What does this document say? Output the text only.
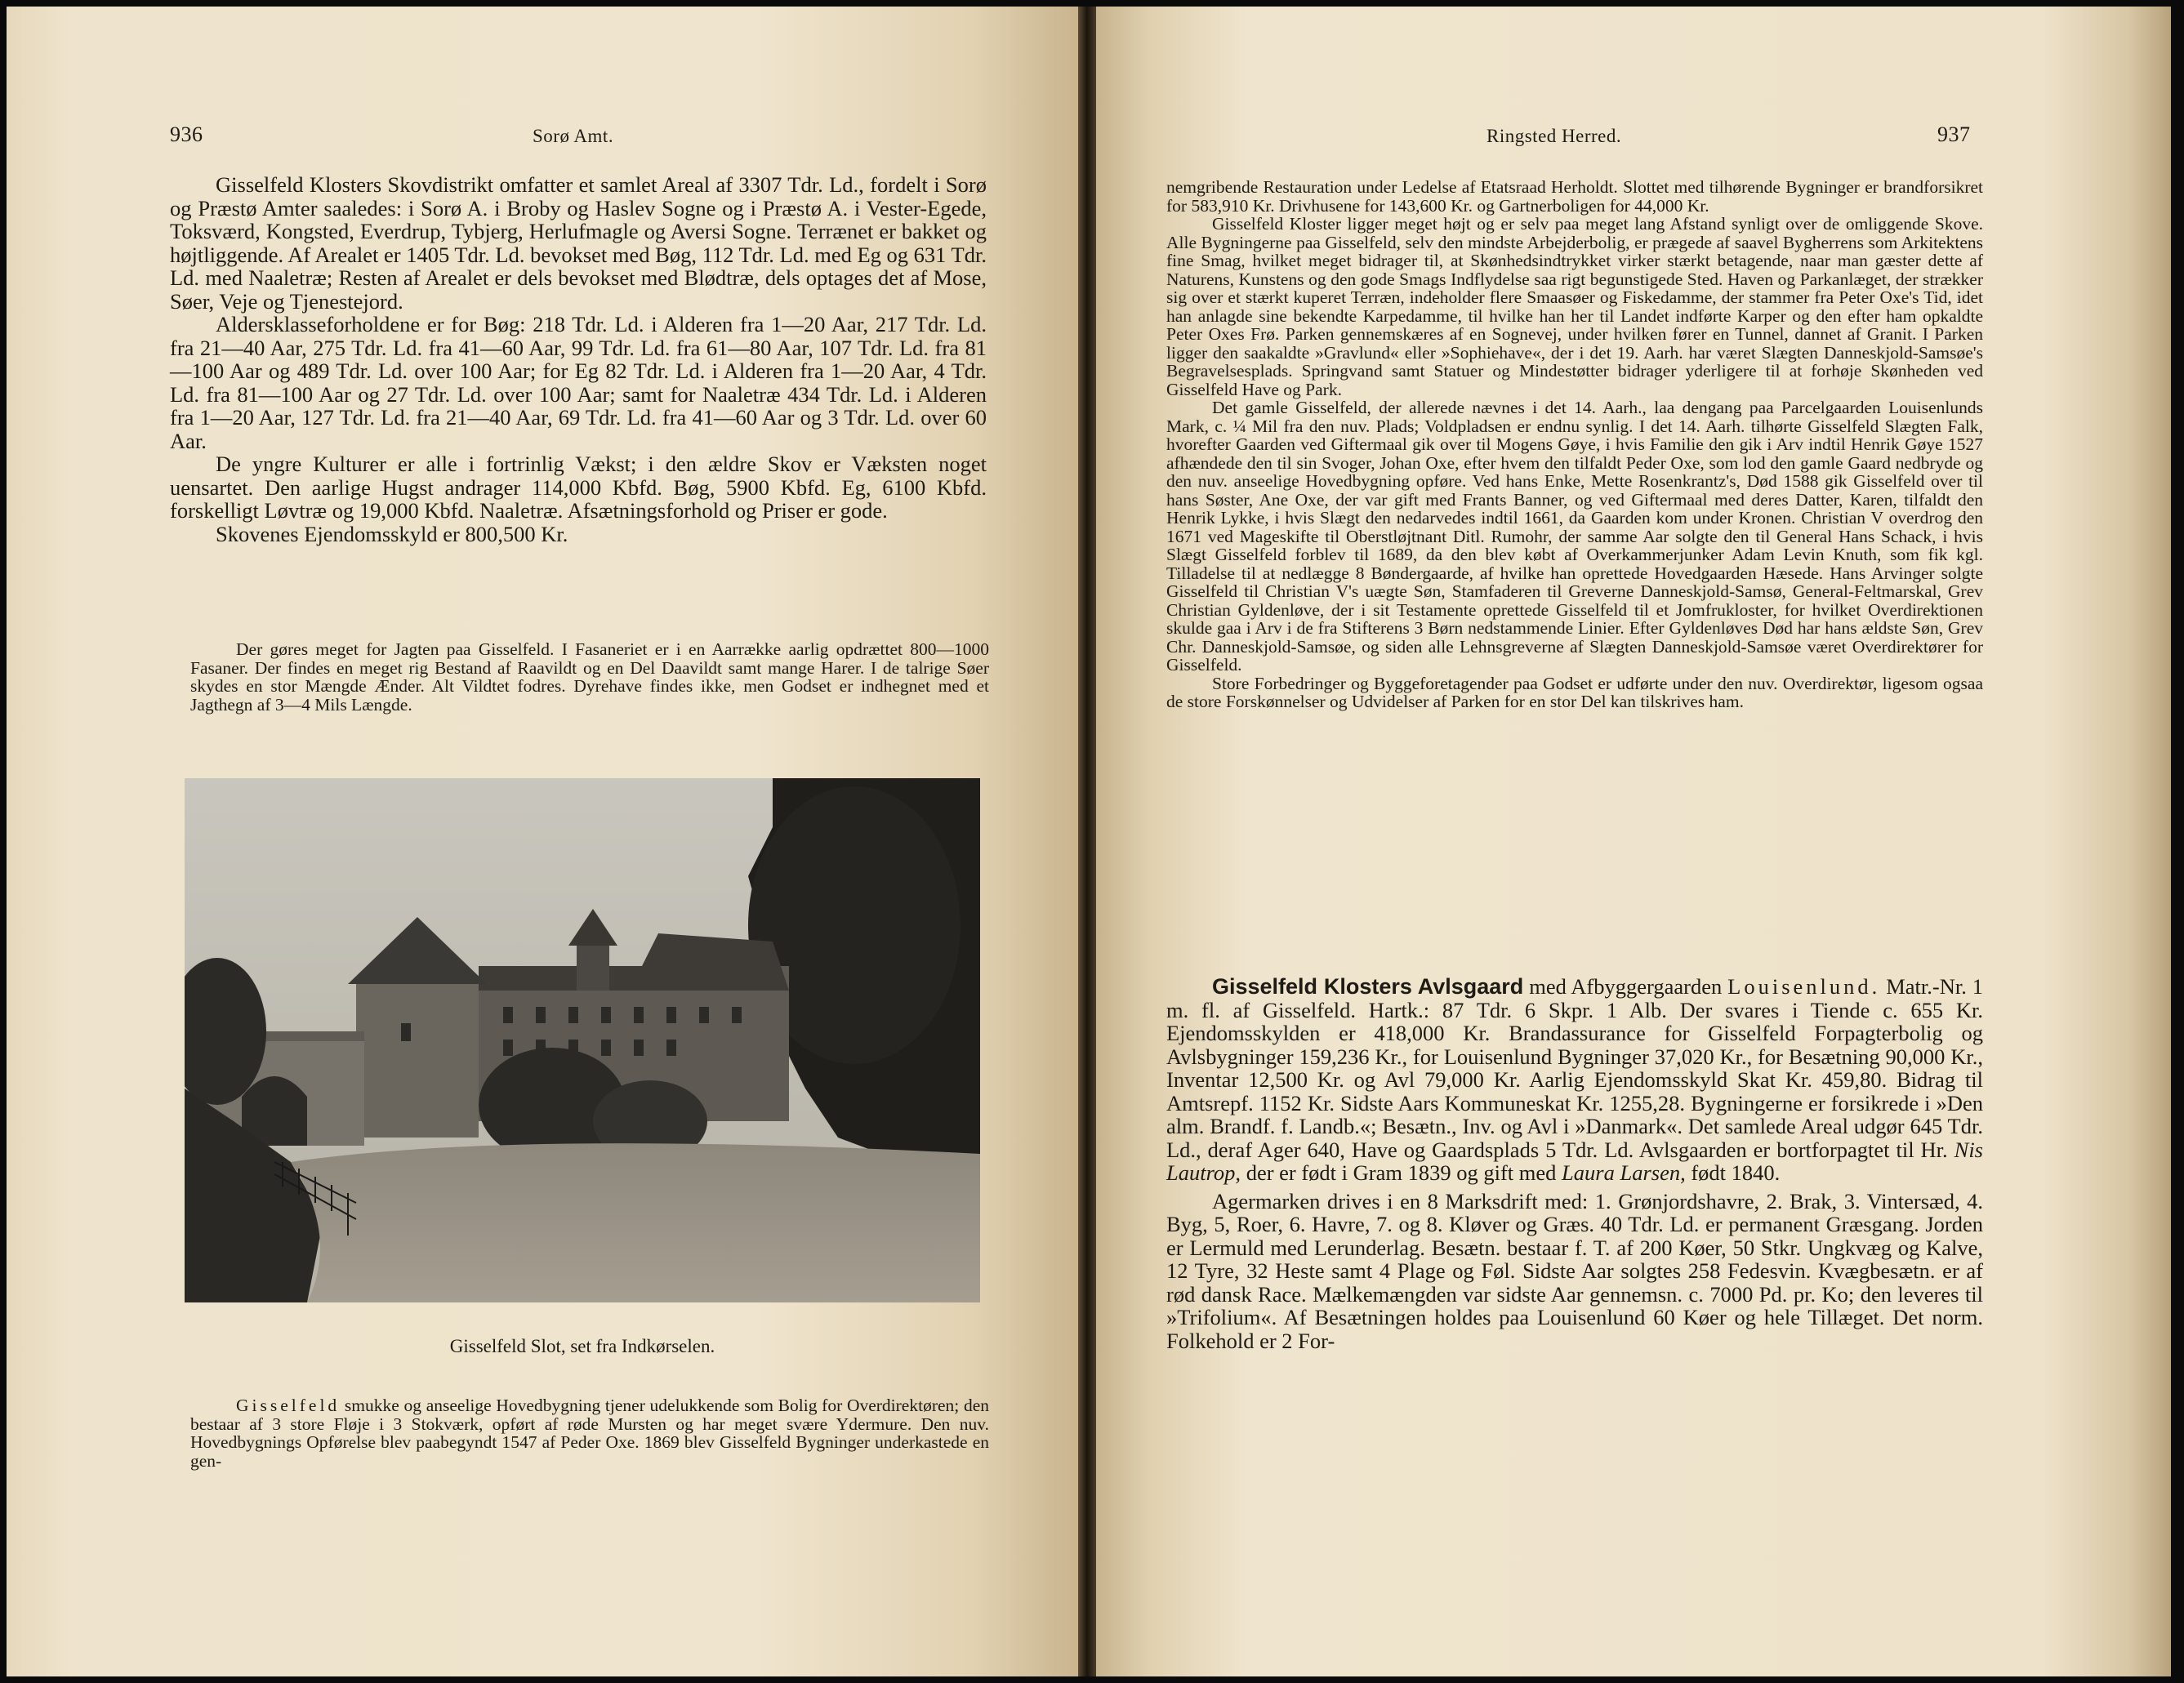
936	Sorø Amt.

Gisselfeld Klosters Skovdistrikt omfatter et samlet Areal af 3307 Tdr. Ld., fordelt i Sorø og Præstø Amter saaledes: i Sorø A. i Broby og Haslev Sogne og i Præstø A. i Vester-Egede, Toksværd, Kongsted, Everdrup, Tybjerg, Herlufmagle og Aversi Sogne. Terrænet er bakket og højtliggende. Af Arealet er 1405 Tdr. Ld. bevokset med Bøg, 112 Tdr. Ld. med Eg og 631 Tdr. Ld. med Naaletræ; Resten af Arealet er dels bevokset med Blødtræ, dels optages det af Mose, Søer, Veje og Tjenestejord.

Aldersklasseforholdene er for Bøg: 218 Tdr. Ld. i Alderen fra 1—20 Aar, 217 Tdr. Ld. fra 21—40 Aar, 275 Tdr. Ld. fra 41—60 Aar, 99 Tdr. Ld. fra 61—80 Aar, 107 Tdr. Ld. fra 81—100 Aar og 489 Tdr. Ld. over 100 Aar; for Eg 82 Tdr. Ld. i Alderen fra 1—20 Aar, 4 Tdr. Ld. fra 81—100 Aar og 27 Tdr. Ld. over 100 Aar; samt for Naaletræ 434 Tdr. Ld. i Alderen fra 1—20 Aar, 127 Tdr. Ld. fra 21—40 Aar, 69 Tdr. Ld. fra 41—60 Aar og 3 Tdr. Ld. over 60 Aar.

De yngre Kulturer er alle i fortrinlig Vækst; i den ældre Skov er Væksten noget uensartet. Den aarlige Hugst andrager 114,000 Kbfd. Bøg, 5900 Kbfd. Eg, 6100 Kbfd. forskelligt Løvtræ og 19,000 Kbfd. Naaletræ. Afsætningsforhold og Priser er gode.

Skovenes Ejendomsskyld er 800,500 Kr.

Der gøres meget for Jagten paa Gisselfeld. I Fasaneriet er i en Aarrække aarlig opdrættet 800—1000 Fasaner. Der findes en meget rig Bestand af Raavildt og en Del Daavildt samt mange Harer. I de talrige Søer skydes en stor Mængde Ænder. Alt Vildtet fodres. Dyrehave findes ikke, men Godset er indhegnet med et Jagthegn af 3—4 Mils Længde.

Gisselfeld Slot, set fra Indkørselen.

Gisselfeld smukke og anseelige Hovedbygning tjener udelukkende som Bolig for Overdirektøren; den bestaar af 3 store Fløje i 3 Stokværk, opført af røde Mursten og har meget svære Ydermure. Den nuv. Hovedbygnings Opførelse blev paabegyndt 1547 af Peder Oxe. 1869 blev Gisselfeld Bygninger underkastede en gen-

Ringsted Herred.	937

nemgribende Restauration under Ledelse af Etatsraad Herholdt. Slottet med tilhørende Bygninger er brandforsikret for 583,910 Kr. Drivhusene for 143,600 Kr. og Gartnerboligen for 44,000 Kr.

Gisselfeld Kloster ligger meget højt og er selv paa meget lang Afstand synligt over de omliggende Skove. Alle Bygningerne paa Gisselfeld, selv den mindste Arbejderbolig, er prægede af saavel Bygherrens som Arkitektens fine Smag, hvilket meget bidrager til, at Skønhedsindtrykket virker stærkt betagende, naar man gæster dette af Naturens, Kunstens og den gode Smags Indflydelse saa rigt begunstigede Sted. Haven og Parkanlæget, der strækker sig over et stærkt kuperet Terræn, indeholder flere Smaasøer og Fiskedamme, der stammer fra Peter Oxe's Tid, idet han anlagde sine bekendte Karpedamme, til hvilke han her til Landet indførte Karper og den efter ham opkaldte Peter Oxes Frø. Parken gennemskæres af en Sognevej, under hvilken fører en Tunnel, dannet af Granit. I Parken ligger den saakaldte »Gravlund« eller »Sophiehave«, der i det 19. Aarh. har været Slægten Danneskjold-Samsøe's Begravelsesplads. Springvand samt Statuer og Mindestøtter bidrager yderligere til at forhøje Skønheden ved Gisselfeld Have og Park.

Det gamle Gisselfeld, der allerede nævnes i det 14. Aarh., laa dengang paa Parcelgaarden Louisenlunds Mark, c. ¼ Mil fra den nuv. Plads; Voldpladsen er endnu synlig. I det 14. Aarh. tilhørte Gisselfeld Slægten Falk, hvorefter Gaarden ved Giftermaal gik over til Mogens Gøye, i hvis Familie den gik i Arv indtil Henrik Gøye 1527 afhændede den til sin Svoger, Johan Oxe, efter hvem den tilfaldt Peder Oxe, som lod den gamle Gaard nedbryde og den nuv. anseelige Hovedbygning opføre. Ved hans Enke, Mette Rosenkrantz's, Død 1588 gik Gisselfeld over til hans Søster, Ane Oxe, der var gift med Frants Banner, og ved Giftermaal med deres Datter, Karen, tilfaldt den Henrik Lykke, i hvis Slægt den nedarvedes indtil 1661, da Gaarden kom under Kronen. Christian V overdrog den 1671 ved Mageskifte til Oberstløjtnant Ditl. Rumohr, der samme Aar solgte den til General Hans Schack, i hvis Slægt Gisselfeld forblev til 1689, da den blev købt af Overkammerjunker Adam Levin Knuth, som fik kgl. Tilladelse til at nedlægge 8 Bøndergaarde, af hvilke han oprettede Hovedgaarden Hæsede. Hans Arvinger solgte Gisselfeld til Christian V's uægte Søn, Stamfaderen til Greverne Danneskjold-Samsø, General-Feltmarskal, Grev Christian Gyldenløve, der i sit Testamente oprettede Gisselfeld til et Jomfrukloster, for hvilket Overdirektionen skulde gaa i Arv i de fra Stifterens 3 Børn nedstammende Linier. Efter Gyldenløves Død har hans ældste Søn, Grev Chr. Danneskjold-Samsøe, og siden alle Lehnsgreverne af Slægten Danneskjold-Samsøe været Overdirektører for Gisselfeld.

Store Forbedringer og Byggeforetagender paa Godset er udførte under den nuv. Overdirektør, ligesom ogsaa de store Forskønnelser og Udvidelser af Parken for en stor Del kan tilskrives ham.

Gisselfeld Klosters Avlsgaard med Afbyggergaarden Louisenlund. Matr.-Nr. 1 m. fl. af Gisselfeld. Hartk.: 87 Tdr. 6 Skpr. 1 Alb. Der svares i Tiende c. 655 Kr. Ejendomsskylden er 418,000 Kr. Brandassurance for Gisselfeld Forpagterbolig og Avlsbygninger 159,236 Kr., for Louisenlund Bygninger 37,020 Kr., for Besætning 90,000 Kr., Inventar 12,500 Kr. og Avl 79,000 Kr. Aarlig Ejendomsskyld Skat Kr. 459,80. Bidrag til Amtsrepf. 1152 Kr. Sidste Aars Kommuneskat Kr. 1255,28. Bygningerne er forsikrede i »Den alm. Brandf. f. Landb.«; Besætn., Inv. og Avl i »Danmark«. Det samlede Areal udgør 645 Tdr. Ld., deraf Ager 640, Have og Gaardsplads 5 Tdr. Ld. Avlsgaarden er bortforpagtet til Hr. Nis Lautrop, der er født i Gram 1839 og gift med Laura Larsen, født 1840.

Agermarken drives i en 8 Marksdrift med: 1. Grønjordshavre, 2. Brak, 3. Vintersæd, 4. Byg, 5, Roer, 6. Havre, 7. og 8. Kløver og Græs. 40 Tdr. Ld. er permanent Græsgang. Jorden er Lermuld med Lerunderlag. Besætn. bestaar f. T. af 200 Køer, 50 Stkr. Ungkvæg og Kalve, 12 Tyre, 32 Heste samt 4 Plage og Føl. Sidste Aar solgtes 258 Fedesvin. Kvægbesætn. er af rød dansk Race. Mælkemængden var sidste Aar gennemsn. c. 7000 Pd. pr. Ko; den leveres til »Trifolium«. Af Besætningen holdes paa Louisenlund 60 Køer og hele Tillæget. Det norm. Folkehold er 2 For-
